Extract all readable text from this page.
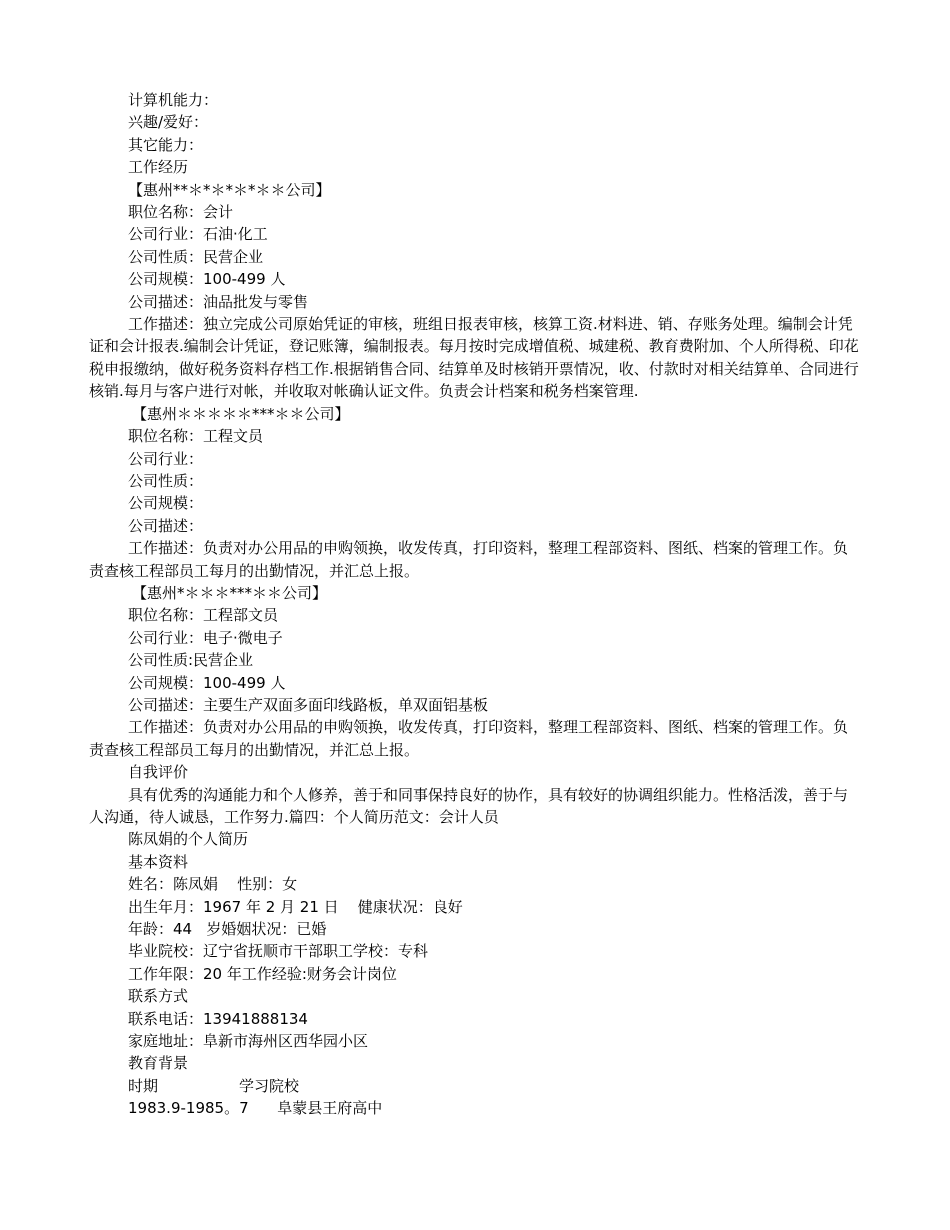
计算机能力：
兴趣/爱好：
其它能力：
工作经历
【惠州**＊*＊*＊*＊＊公司】
职位名称：会计
公司行业：石油·化工
公司性质：民营企业
公司规模：100-499 人
公司描述：油品批发与零售
工作描述：独立完成公司原始凭证的审核，班组日报表审核，核算工资.材料进、销、存账务处理。编制会计凭证和会计报表.编制会计凭证，登记账簿，编制报表。每月按时完成增值税、城建税、教育费附加、个人所得税、印花税申报缴纳，做好税务资料存档工作.根据销售合同、结算单及时核销开票情况，收、付款时对相关结算单、合同进行核销.每月与客户进行对帐，并收取对帐确认证文件。负责会计档案和税务档案管理.
【惠州＊＊＊＊＊***＊＊公司】
职位名称：工程文员
公司行业：
公司性质：
公司规模：
公司描述：
工作描述：负责对办公用品的申购领换，收发传真，打印资料，整理工程部资料、图纸、档案的管理工作。负责查核工程部员工每月的出勤情况，并汇总上报。
【惠州*＊＊＊***＊＊公司】
职位名称：工程部文员
公司行业：电子·微电子
公司性质:民营企业
公司规模：100-499 人
公司描述：主要生产双面多面印线路板，单双面铝基板
工作描述：负责对办公用品的申购领换，收发传真，打印资料，整理工程部资料、图纸、档案的管理工作。负责查核工程部员工每月的出勤情况，并汇总上报。
自我评价
具有优秀的沟通能力和个人修养，善于和同事保持良好的协作，具有较好的协调组织能力。性格活泼，善于与人沟通，待人诚恳，工作努力.篇四：个人简历范文：会计人员
陈凤娟的个人简历
基本资料
姓名：陈凤娟    性别：女
出生年月：1967 年 2 月 21 日    健康状况：良好
年龄：44   岁婚姻状况：已婚
毕业院校：辽宁省抚顺市干部职工学校：专科
工作年限：20 年工作经验:财务会计岗位
联系方式
联系电话：13941888134
家庭地址：阜新市海州区西华园小区
教育背景
时期                 学习院校
1983.9-1985。7      阜蒙县王府高中
